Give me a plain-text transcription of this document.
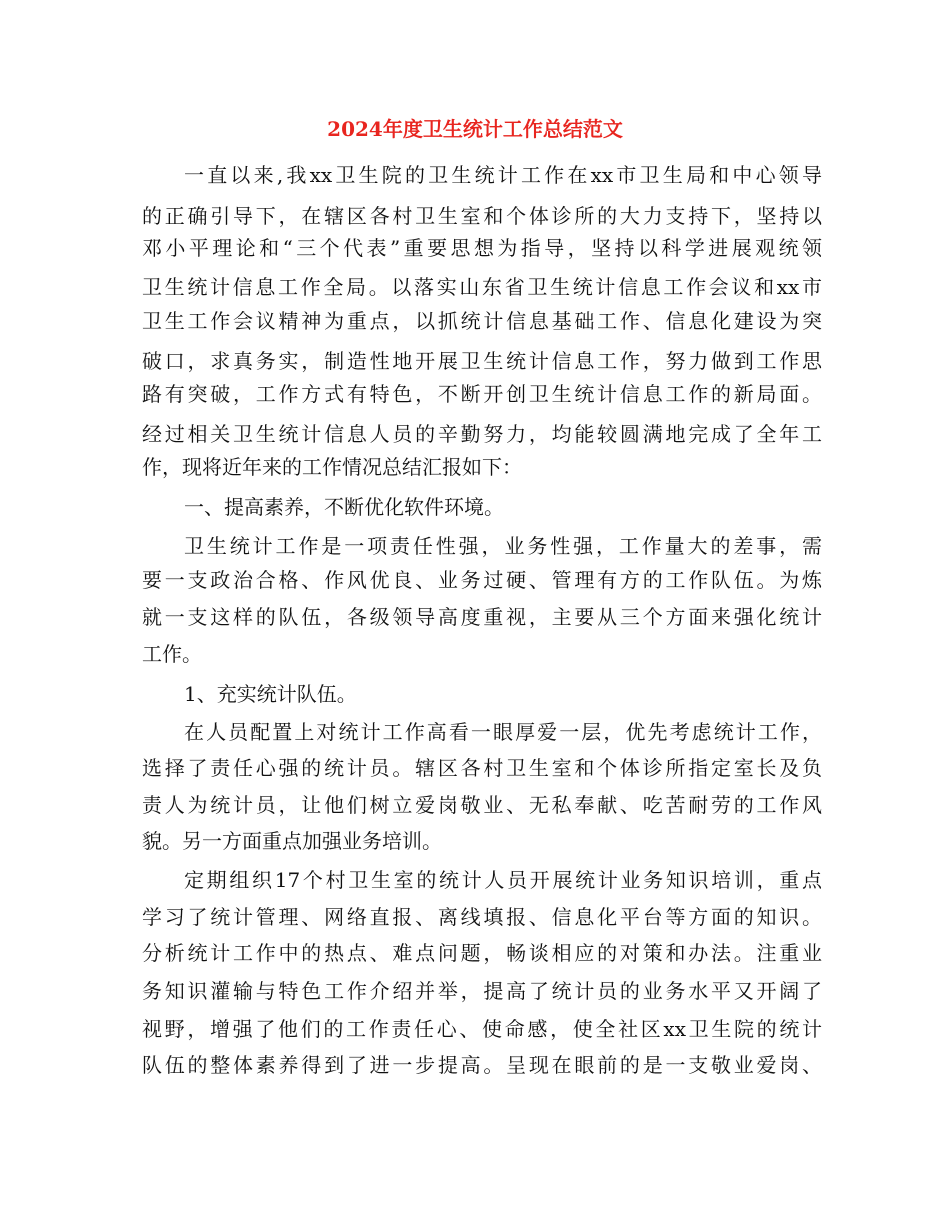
2024年度卫生统计工作总结范文

一直以来,我xx卫生院的卫生统计工作在xx市卫生局和中心领导

的正确引导下，在辖区各村卫生室和个体诊所的大力支持下，坚持以

邓小平理论和“三个代表”重要思想为指导，坚持以科学进展观统领

卫生统计信息工作全局。以落实山东省卫生统计信息工作会议和xx市

卫生工作会议精神为重点，以抓统计信息基础工作、信息化建设为突

破口，求真务实，制造性地开展卫生统计信息工作，努力做到工作思

路有突破，工作方式有特色，不断开创卫生统计信息工作的新局面。

经过相关卫生统计信息人员的辛勤努力，均能较圆满地完成了全年工

作，现将近年来的工作情况总结汇报如下：

一、提高素养，不断优化软件环境。

卫生统计工作是一项责任性强，业务性强，工作量大的差事，需

要一支政治合格、作风优良、业务过硬、管理有方的工作队伍。为炼

就一支这样的队伍，各级领导高度重视，主要从三个方面来强化统计

工作。

1、充实统计队伍。

在人员配置上对统计工作高看一眼厚爱一层，优先考虑统计工作，

选择了责任心强的统计员。辖区各村卫生室和个体诊所指定室长及负

责人为统计员，让他们树立爱岗敬业、无私奉献、吃苦耐劳的工作风

貌。另一方面重点加强业务培训。

定期组织17个村卫生室的统计人员开展统计业务知识培训，重点

学习了统计管理、网络直报、离线填报、信息化平台等方面的知识。

分析统计工作中的热点、难点问题，畅谈相应的对策和办法。注重业

务知识灌输与特色工作介绍并举，提高了统计员的业务水平又开阔了

视野，增强了他们的工作责任心、使命感，使全社区xx卫生院的统计

队伍的整体素养得到了进一步提高。呈现在眼前的是一支敬业爱岗、
